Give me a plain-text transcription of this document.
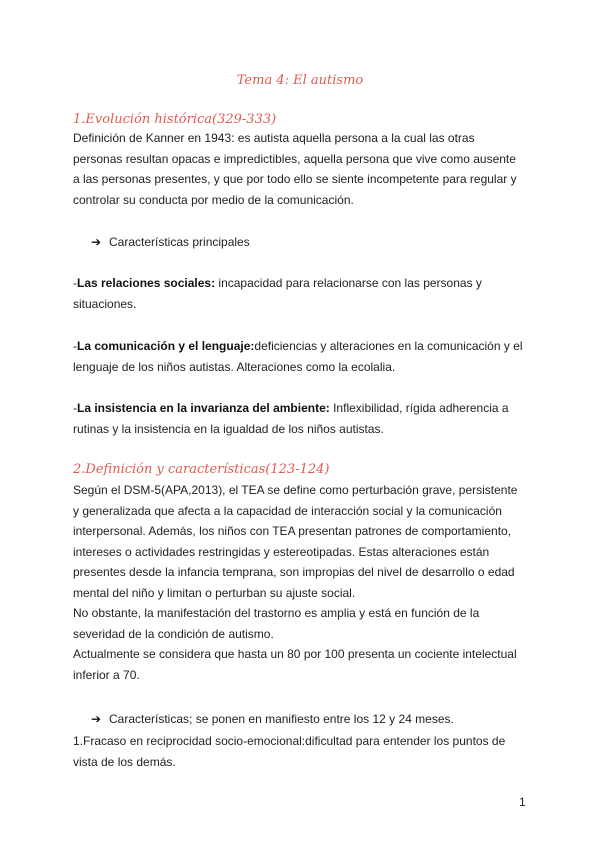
Tema 4: El autismo
1.Evolución histórica(329-333)
Definición de Kanner en 1943: es autista aquella persona a la cual las otras
personas resultan opacas e impredictibles, aquella persona que vive como ausente
a las personas presentes, y que por todo ello se siente incompetente para regular y
controlar su conducta por medio de la comunicación.
➔ Características principales
-Las relaciones sociales: incapacidad para relacionarse con las personas y
situaciones.
-La comunicación y el lenguaje:deficiencias y alteraciones en la comunicación y el
lenguaje de los niños autistas. Alteraciones como la ecolalia.
-La insistencia en la invarianza del ambiente: Inflexibilidad, rígida adherencia a
rutinas y la insistencia en la igualdad de los niños autistas.
2.Definición y características(123-124)
Según el DSM-5(APA,2013), el TEA se define como perturbación grave, persistente
y generalizada que afecta a la capacidad de interacción social y la comunicación
interpersonal. Además, los niños con TEA presentan patrones de comportamiento,
intereses o actividades restringidas y estereotipadas. Estas alteraciones están
presentes desde la infancia temprana, son impropias del nivel de desarrollo o edad
mental del niño y limitan o perturban su ajuste social.
No obstante, la manifestación del trastorno es amplia y está en función de la
severidad de la condición de autismo.
Actualmente se considera que hasta un 80 por 100 presenta un cociente intelectual
inferior a 70.
➔ Características; se ponen en manifiesto entre los 12 y 24 meses.
1.Fracaso en reciprocidad socio-emocional:dificultad para entender los puntos de
vista de los demás.
1
